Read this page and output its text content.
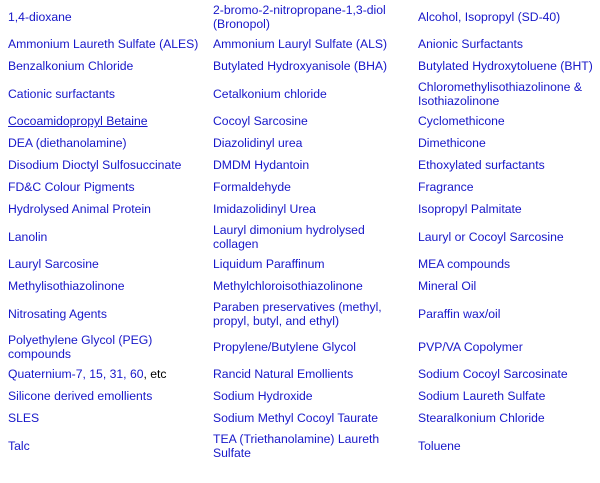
1,4-dioxane	2-bromo-2-nitropropane-1,3-diol (Bronopol)	Alcohol, Isopropyl (SD-40)
Ammonium Laureth Sulfate (ALES)	Ammonium Lauryl Sulfate (ALS)	Anionic Surfactants
Benzalkonium Chloride	Butylated Hydroxyanisole (BHA)	Butylated Hydroxytoluene (BHT)
Cationic surfactants	Cetalkonium chloride	Chloromethylisothiazolinone & Isothiazolinone
Cocoamidopropyl Betaine	Cocoyl Sarcosine	Cyclomethicone
DEA (diethanolamine)	Diazolidinyl urea	Dimethicone
Disodium Dioctyl Sulfosuccinate	DMDM Hydantoin	Ethoxylated surfactants
FD&C Colour Pigments	Formaldehyde	Fragrance
Hydrolysed Animal Protein	Imidazolidinyl Urea	Isopropyl Palmitate
Lanolin	Lauryl dimonium hydrolysed collagen	Lauryl or Cocoyl Sarcosine
Lauryl Sarcosine	Liquidum Paraffinum	MEA compounds
Methylisothiazolinone	Methylchloroisothiazolinone	Mineral Oil
Nitrosating Agents	Paraben preservatives (methyl, propyl, butyl, and ethyl)	Paraffin wax/oil
Polyethylene Glycol (PEG) compounds	Propylene/Butylene Glycol	PVP/VA Copolymer
Quaternium-7, 15, 31, 60, etc	Rancid Natural Emollients	Sodium Cocoyl Sarcosinate
Silicone derived emollients	Sodium Hydroxide	Sodium Laureth Sulfate
SLES	Sodium Methyl Cocoyl Taurate	Stearalkonium Chloride
Talc	TEA (Triethanolamine) Laureth Sulfate	Toluene
